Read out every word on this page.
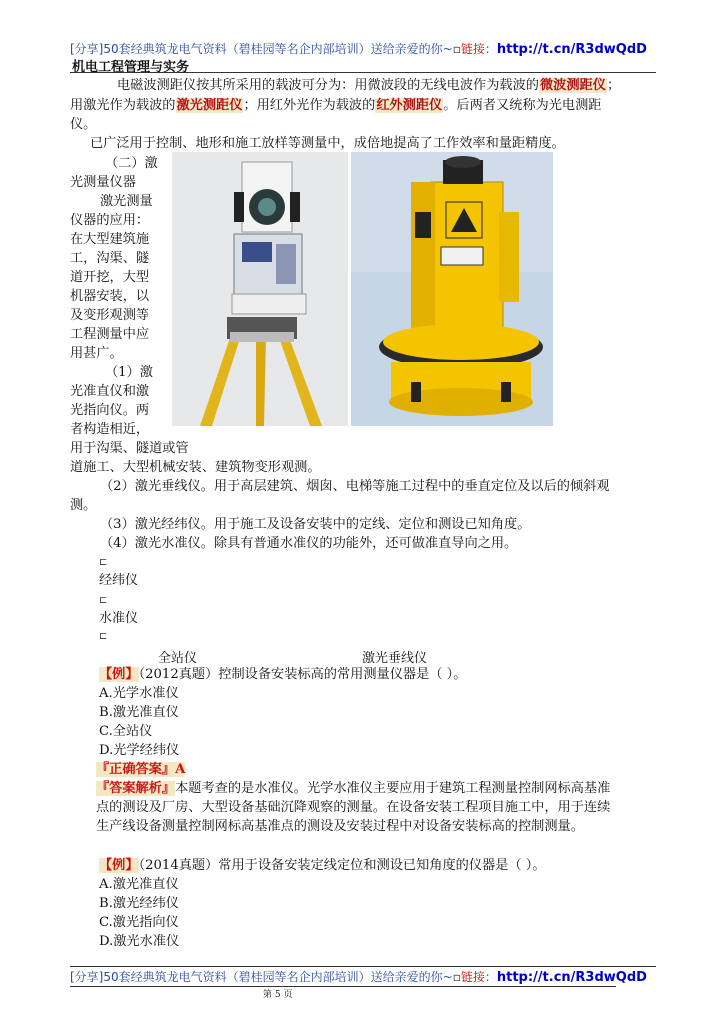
[分享]50套经典筑龙电气资料（碧桂园等名企内部培训）送给亲爱的你~▫链接：http://t.cn/R3dwQdD
机电工程管理与实务
电磁波测距仪按其所采用的载波可分为：用微波段的无线电波作为载波的微波测距仪；
用激光作为载波的激光测距仪；用红外光作为载波的红外测距仪。后两者又统称为光电测距
仪。
已广泛用于控制、地形和施工放样等测量中，成倍地提高了工作效率和量距精度。
（二）激
光测量仪器
激光测量
仪器的应用：
在大型建筑施
工，沟渠、隧
道开挖，大型
机器安装，以
及变形观测等
工程测量中应
用甚广。
（1）激
光准直仪和激
光指向仪。两
者构造相近，
用于沟渠、隧道或管
道施工、大型机械安装、建筑物变形观测。
（2）激光垂线仪。用于高层建筑、烟囱、电梯等施工过程中的垂直定位及以后的倾斜观
测。
（3）激光经纬仪。用于施工及设备安装中的定线、定位和测设已知角度。
（4）激光水准仪。除具有普通水准仪的功能外，还可做准直导向之用。
⊏
经纬仪
⊏
水准仪
⊏
全站仪	激光垂线仪
【例】（2012真题）控制设备安装标高的常用测量仪器是（ ）。
A.光学水准仪
B.激光准直仪
C.全站仪
D.光学经纬仪
『正确答案』A
『答案解析』本题考查的是水准仪。光学水准仪主要应用于建筑工程测量控制网标高基准
点的测设及厂房、大型设备基础沉降观察的测量。在设备安装工程项目施工中，用于连续
生产线设备测量控制网标高基准点的测设及安装过程中对设备安装标高的控制测量。
【例】（2014真题）常用于设备安装定线定位和测设已知角度的仪器是（ ）。
A.激光准直仪
B.激光经纬仪
C.激光指向仪
D.激光水准仪
[分享]50套经典筑龙电气资料（碧桂园等名企内部培训）送给亲爱的你~▫链接：http://t.cn/R3dwQdD
第 5 页
